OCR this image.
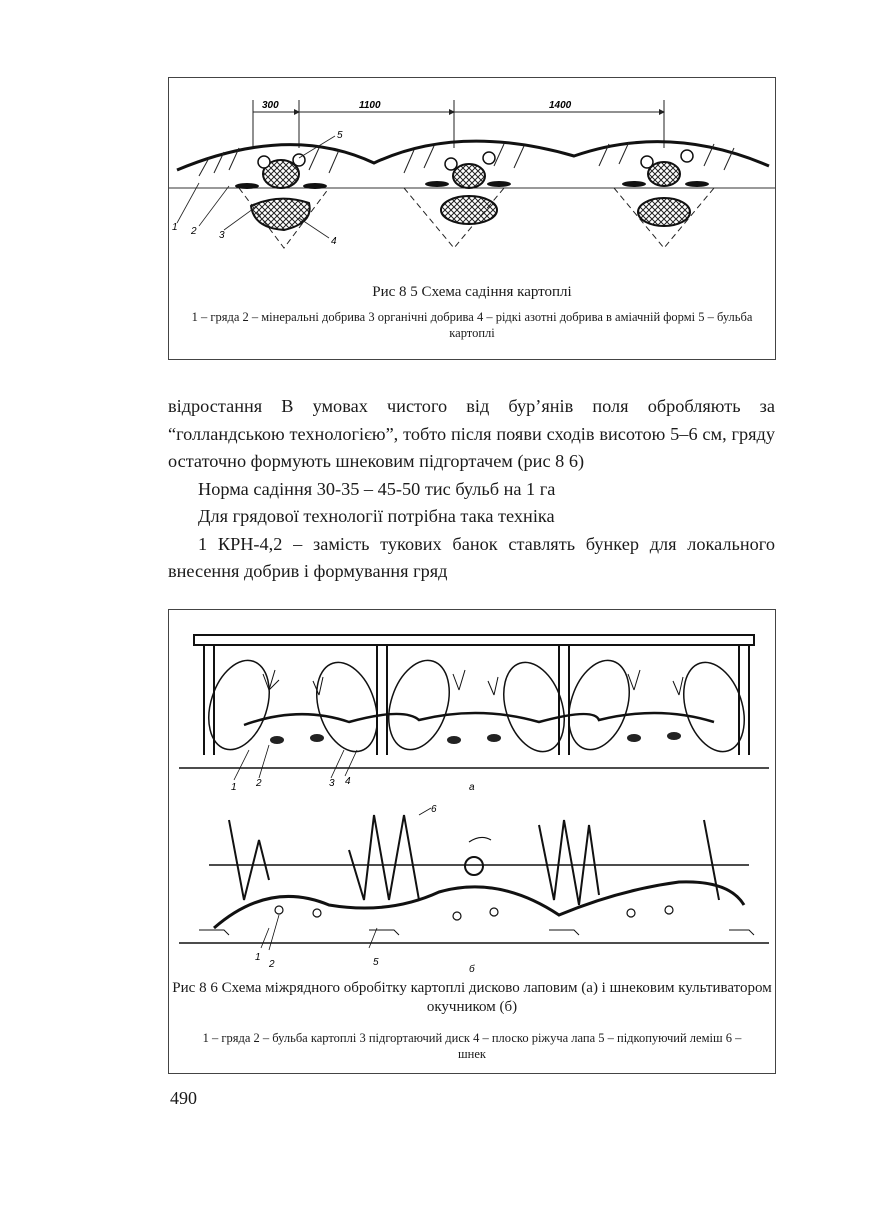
300	1100	1400
1 2 3
4
5
Рис 8 5 Схема садіння картоплі
1 – гряда 2 – мінеральні добрива 3 органічні добрива 4 – рідкі азотні добрива в аміачній формі 5 – бульба картоплі

відростання В умовах чистого від бур’янів поля обробляють за “голландською технологією”, тобто після появи сходів висотою 5–6 см, гряду остаточно формують шнековим підгортачем (рис 8 6)

Норма садіння 30-35 – 45-50 тис бульб на 1 га

Для грядової технології потрібна така техніка

1 КРН-4,2 – замість тукових банок ставлять бункер для локального внесення добрив і формування гряд

1 2	3 4
а
1
2	5
6
б
Рис 8 6 Схема міжрядного обробітку картоплі дисково лаповим (а) і шнековим культиватором окучником (б)
1 – гряда 2 – бульба картоплі 3 підгортаючий диск 4 – плоско ріжуча лапа 5 – підкопуючий лемiш 6 – шнек
490
